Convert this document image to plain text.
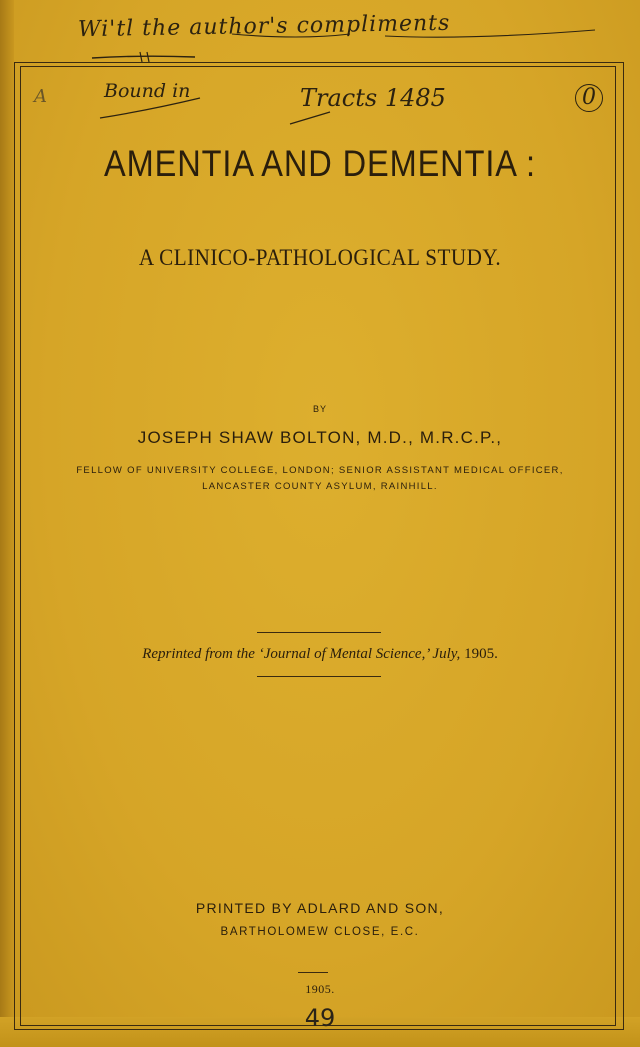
Wi'tl the author's compliments
A	Bound in	Tracts 1485	0
AMENTIA AND DEMENTIA :
A CLINICO-PATHOLOGICAL STUDY.
BY
JOSEPH SHAW BOLTON, M.D., M.R.C.P.,
FELLOW OF UNIVERSITY COLLEGE, LONDON; SENIOR ASSISTANT MEDICAL OFFICER,
LANCASTER COUNTY ASYLUM, RAINHILL.
Reprinted from the ‘Journal of Mental Science,’ July, 1905.
PRINTED BY ADLARD AND SON,
BARTHOLOMEW CLOSE, E.C.
1905.
49
